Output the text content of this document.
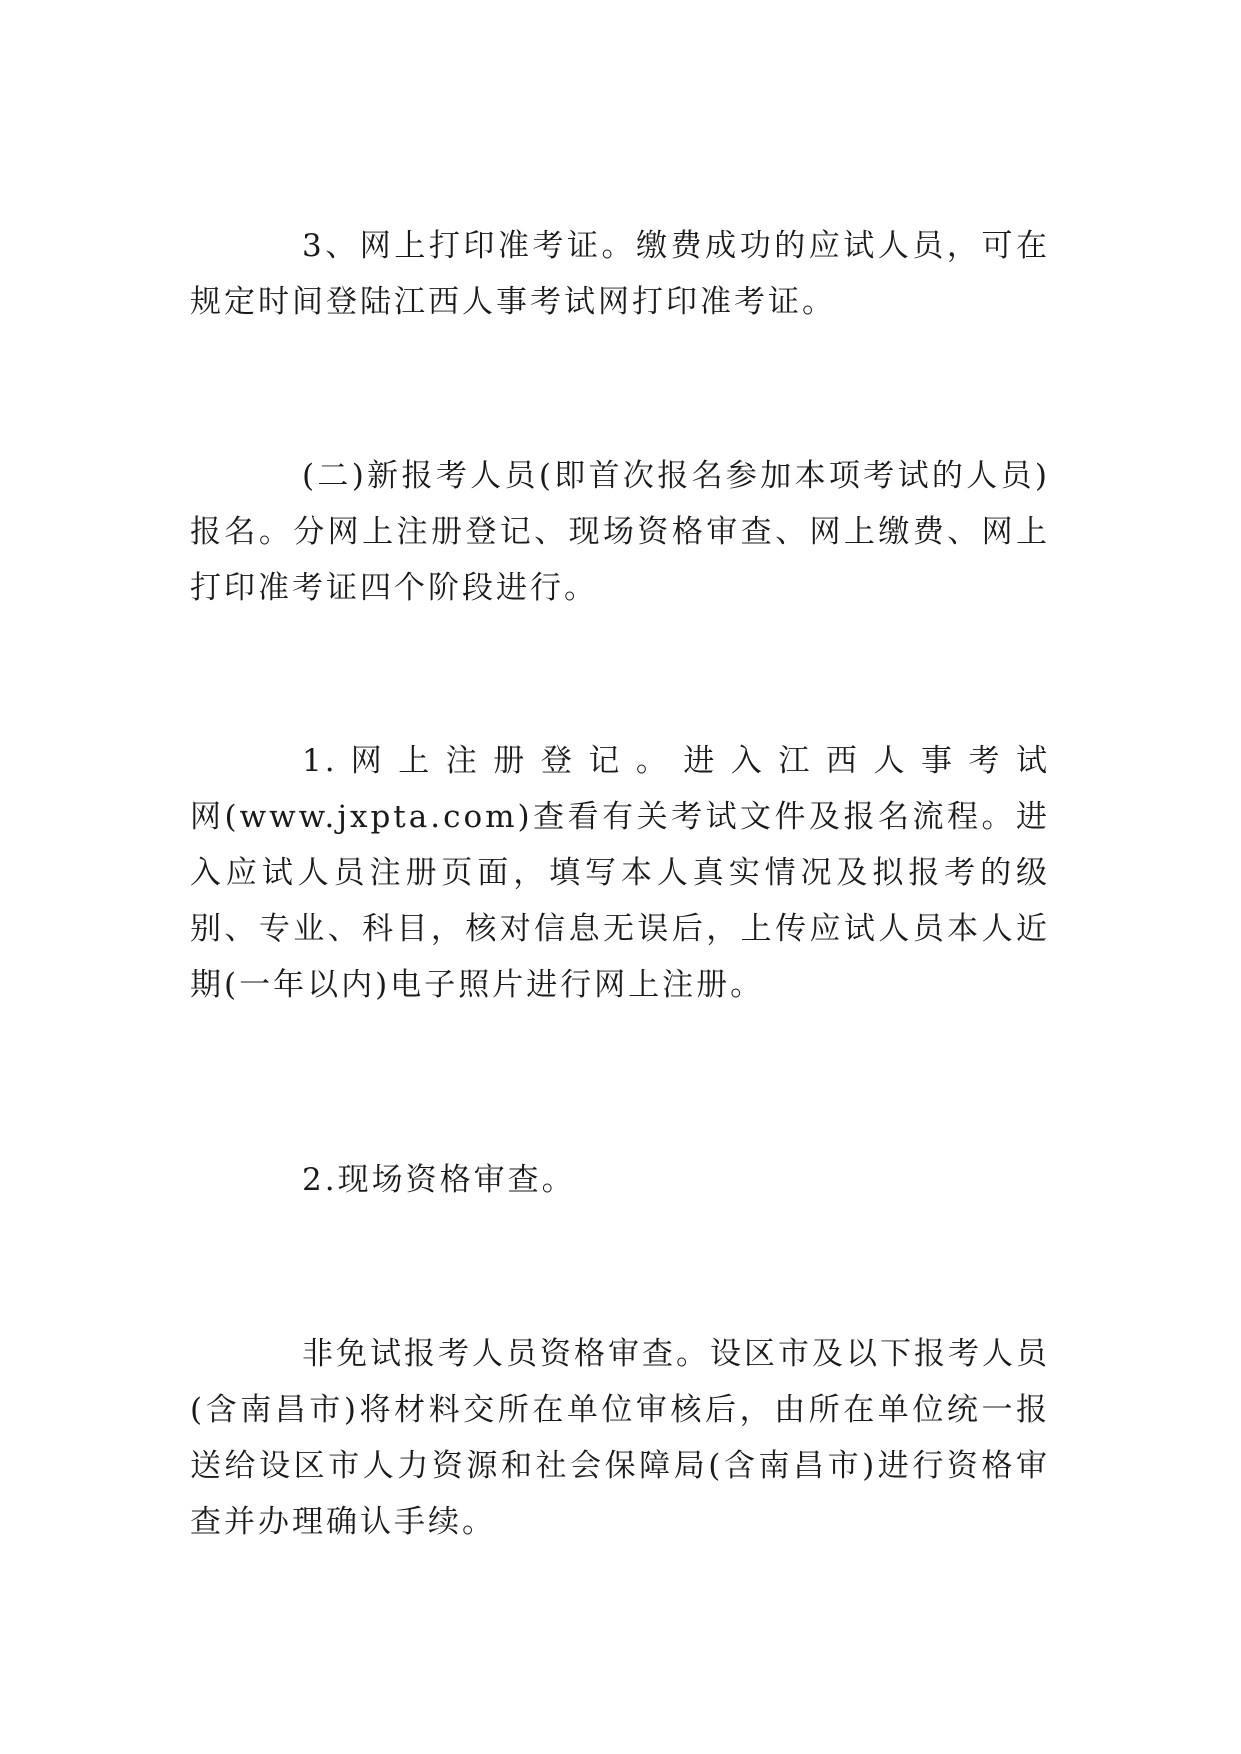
3、网上打印准考证。缴费成功的应试人员，可在规定时间登陆江西人事考试网打印准考证。

(二)新报考人员(即首次报名参加本项考试的人员)报名。分网上注册登记、现场资格审查、网上缴费、网上打印准考证四个阶段进行。

1. 网 上 注 册 登 记 。 进 入 江 西 人 事 考 试 网(www.jxpta.com)查看有关考试文件及报名流程。进入应试人员注册页面，填写本人真实情况及拟报考的级别、专业、科目，核对信息无误后，上传应试人员本人近期(一年以内)电子照片进行网上注册。

2.现场资格审查。

非免试报考人员资格审查。设区市及以下报考人员(含南昌市)将材料交所在单位审核后，由所在单位统一报送给设区市人力资源和社会保障局(含南昌市)进行资格审查并办理确认手续。
